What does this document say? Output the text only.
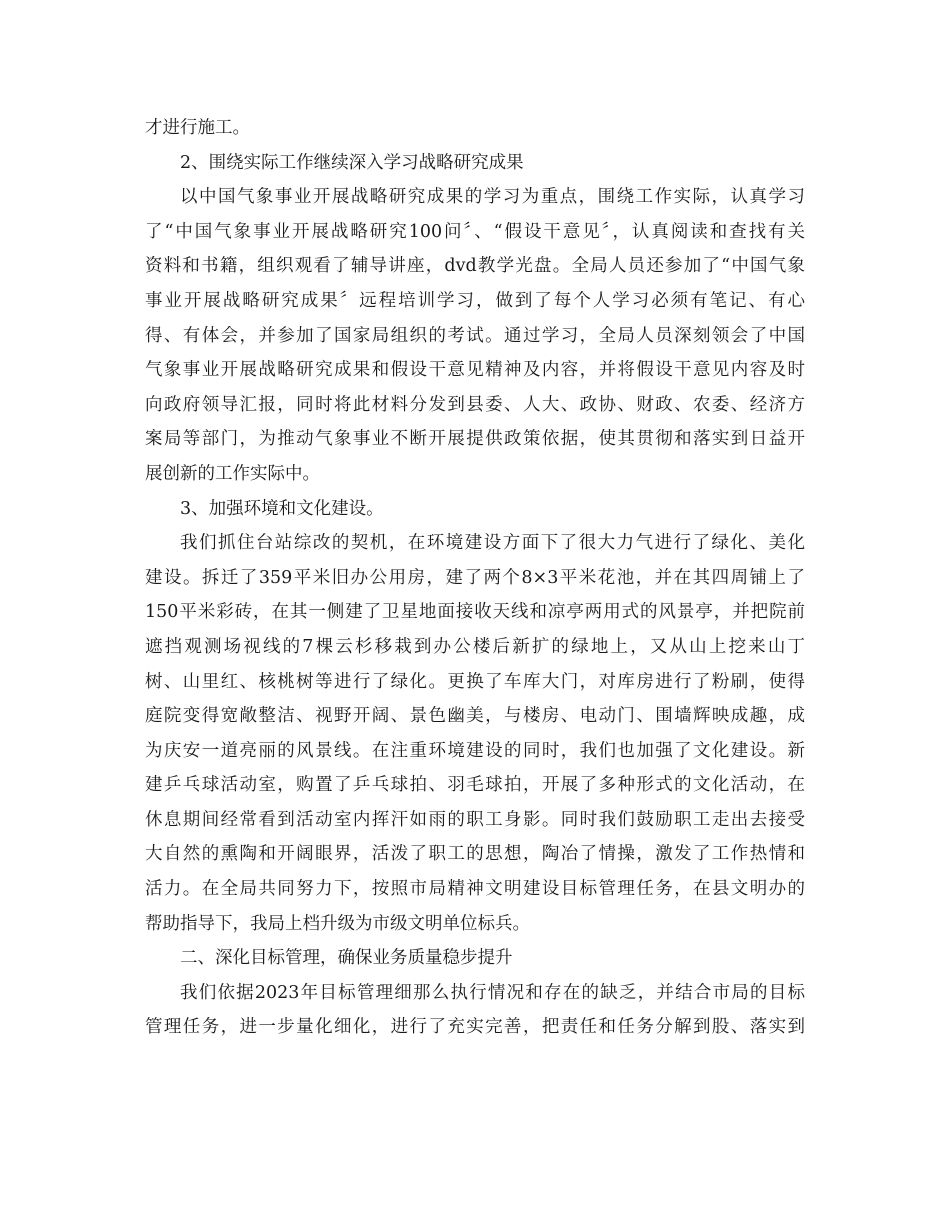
才进行施工。
2、围绕实际工作继续深入学习战略研究成果
以中国气象事业开展战略研究成果的学习为重点，围绕工作实际，认真学习
了“中国气象事业开展战略研究100问〞、“假设干意见〞，认真阅读和查找有关
资料和书籍，组织观看了辅导讲座，dvd教学光盘。全局人员还参加了“中国气象
事业开展战略研究成果〞远程培训学习，做到了每个人学习必须有笔记、有心
得、有体会，并参加了国家局组织的考试。通过学习，全局人员深刻领会了中国
气象事业开展战略研究成果和假设干意见精神及内容，并将假设干意见内容及时
向政府领导汇报，同时将此材料分发到县委、人大、政协、财政、农委、经济方
案局等部门，为推动气象事业不断开展提供政策依据，使其贯彻和落实到日益开
展创新的工作实际中。
3、加强环境和文化建设。
我们抓住台站综改的契机，在环境建设方面下了很大力气进行了绿化、美化
建设。拆迁了359平米旧办公用房，建了两个8×3平米花池，并在其四周铺上了
150平米彩砖，在其一侧建了卫星地面接收天线和凉亭两用式的风景亭，并把院前
遮挡观测场视线的7棵云杉移栽到办公楼后新扩的绿地上，又从山上挖来山丁
树、山里红、核桃树等进行了绿化。更换了车库大门，对库房进行了粉刷，使得
庭院变得宽敞整洁、视野开阔、景色幽美，与楼房、电动门、围墙辉映成趣，成
为庆安一道亮丽的风景线。在注重环境建设的同时，我们也加强了文化建设。新
建乒乓球活动室，购置了乒乓球拍、羽毛球拍，开展了多种形式的文化活动，在
休息期间经常看到活动室内挥汗如雨的职工身影。同时我们鼓励职工走出去接受
大自然的熏陶和开阔眼界，活泼了职工的思想，陶冶了情操，激发了工作热情和
活力。在全局共同努力下，按照市局精神文明建设目标管理任务，在县文明办的
帮助指导下，我局上档升级为市级文明单位标兵。
二、深化目标管理，确保业务质量稳步提升
我们依据2023年目标管理细那么执行情况和存在的缺乏，并结合市局的目标
管理任务，进一步量化细化，进行了充实完善，把责任和任务分解到股、落实到
